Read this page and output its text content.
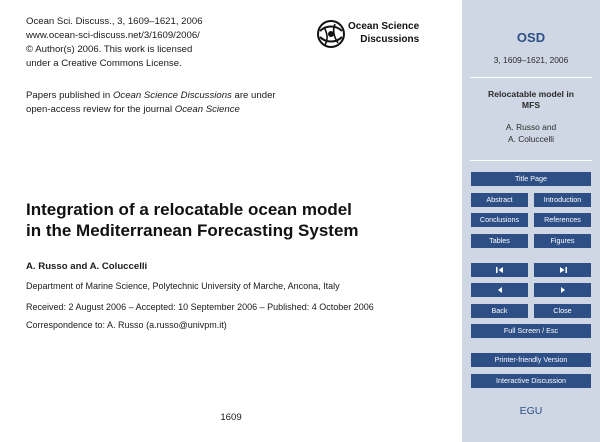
Ocean Sci. Discuss., 3, 1609–1621, 2006
www.ocean-sci-discuss.net/3/1609/2006/
© Author(s) 2006. This work is licensed
under a Creative Commons License.
Ocean Science
Discussions
Papers published in Ocean Science Discussions are under
open-access review for the journal Ocean Science
Integration of a relocatable ocean model
in the Mediterranean Forecasting System
A. Russo and A. Coluccelli
Department of Marine Science, Polytechnic University of Marche, Ancona, Italy
Received: 2 August 2006 – Accepted: 10 September 2006 – Published: 4 October 2006
Correspondence to: A. Russo (a.russo@univpm.it)
1609
OSD
3, 1609–1621, 2006
Relocatable model in
MFS
A. Russo and
A. Coluccelli
Title Page
Abstract	Introduction
Conclusions	References
Tables	Figures
Back	Close
Full Screen / Esc
Printer-friendly Version
Interactive Discussion
EGU
